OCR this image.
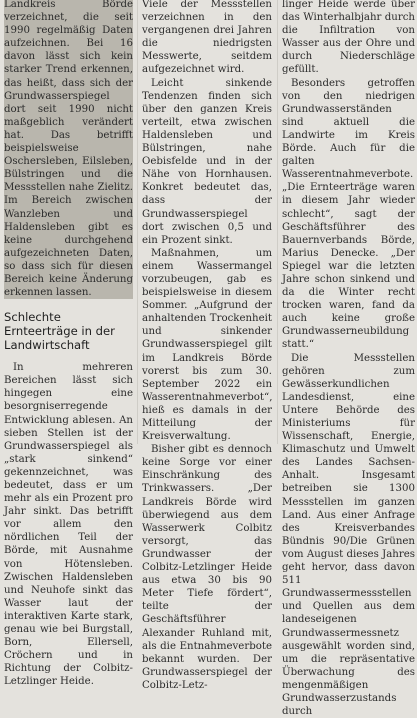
Landkreis Börde verzeichnet, die seit 1990 regelmäßig Daten aufzeichnen. Bei 16 davon lässt sich kein starker Trend erkennen, das heißt, dass sich der Grundwasserspiegel dort seit 1990 nicht maßgeblich verändert hat. Das betrifft beispielsweise Oschersleben, Eilsleben, Bülstringen und die Messstellen nahe Zielitz. Im Bereich zwischen Wanzleben und Haldensleben gibt es keine durchgehend aufgezeichneten Daten, so dass sich für diesen Bereich keine Änderung erkennen lassen.

Schlechte Ernteerträge in der Landwirtschaft

In mehreren Bereichen lässt sich hingegen eine besorgniserregende Entwicklung ablesen. An sieben Stellen ist der Grundwasserspiegel als „stark sinkend“ gekennzeichnet, was bedeutet, dass er um mehr als ein Prozent pro Jahr sinkt. Das betrifft vor allem den nördlichen Teil der Börde, mit Ausnahme von Hötensleben. Zwischen Haldensleben und Neuhofe sinkt das Wasser laut der interaktiven Karte stark, genau wie bei Burgstall, Born, Ellersell, Cröchern und in Richtung der Colbitz-Letzlinger Heide.

Viele der Messstellen verzeichnen in den vergangenen drei Jahren die niedrigsten Messwerte, seitdem aufgezeichnet wird.

Leicht sinkende Tendenzen finden sich über den ganzen Kreis verteilt, etwa zwischen Haldensleben und Bülstringen, nahe Oebisfelde und in der Nähe von Hornhausen. Konkret bedeutet das, dass der Grundwasserspiegel dort zwischen 0,5 und ein Prozent sinkt.

Maßnahmen, um einem Wassermangel vorzubeugen, gab es beispielsweise in diesem Sommer. „Aufgrund der anhaltenden Trockenheit und sinkender Grundwasserspiegel gilt im Landkreis Börde vorerst bis zum 30. September 2022 ein Wasserentnahmeverbot“, hieß es damals in der Mitteilung der Kreisverwaltung.

Bisher gibt es dennoch keine Sorge vor einer Einschränkung des Trinkwassers. „Der Landkreis Börde wird überwiegend aus dem Wasserwerk Colbitz versorgt, das Grundwasser der Colbitz-Letzlinger Heide aus etwa 30 bis 90 Meter Tiefe fördert“, teilte der Geschäftsführer Alexander Ruhland mit, als die Entnahmeverbote bekannt wurden. Der Grundwasserspiegel der Colbitz-Letz-

linger Heide werde über das Winterhalbjahr durch die Infiltration von Wasser aus der Ohre und durch Niederschläge gefüllt.

Besonders getroffen von den niedrigen Grundwasserständen sind aktuell die Landwirte im Kreis Börde. Auch für die galten Wasserentnahmeverbote. „Die Ernteerträge waren in diesem Jahr wieder schlecht“, sagt der Geschäftsführer des Bauernverbands Börde, Marius Denecke. „Der Spiegel war die letzten Jahre schon sinkend und da die Winter recht trocken waren, fand da auch keine große Grundwasserneubildung statt.“

Die Messstellen gehören zum Gewässerkundlichen Landesdienst, eine Untere Behörde des Ministeriums für Wissenschaft, Energie, Klimaschutz und Umwelt des Landes Sachsen-Anhalt. Insgesamt betreiben sie 1300 Messstellen im ganzen Land. Aus einer Anfrage des Kreisverbandes Bündnis 90/Die Grünen vom August dieses Jahres geht hervor, dass davon 511 Grundwassermessstellen und Quellen aus dem landeseigenen Grundwassermessnetz ausgewählt worden sind, um die repräsentative Überwachung des mengenmäßigen Grundwasserzustands durch
